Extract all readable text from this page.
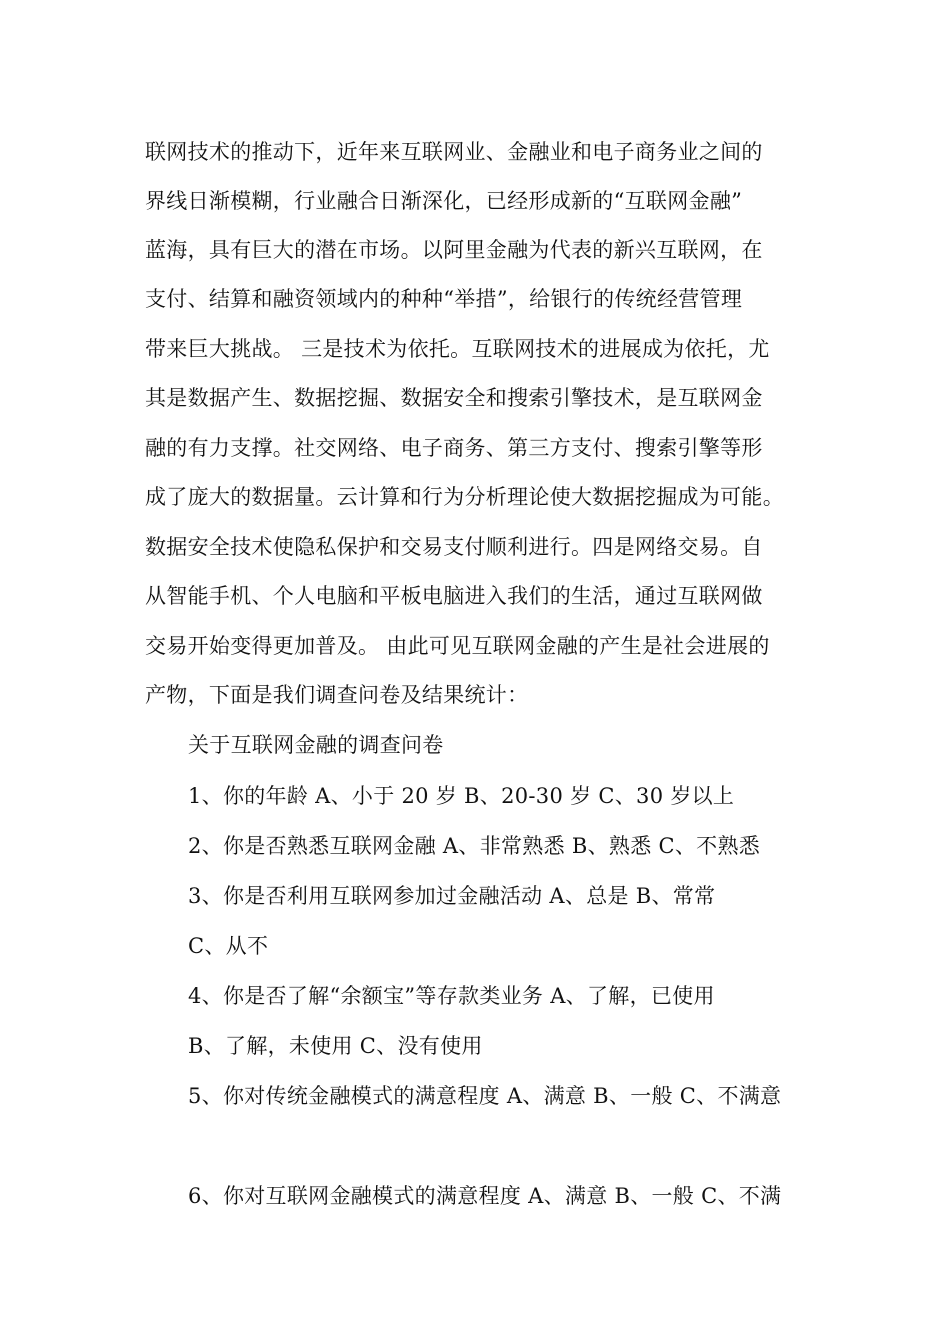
联网技术的推动下，近年来互联网业、金融业和电子商务业之间的
界线日渐模糊，行业融合日渐深化，已经形成新的“互联网金融”
蓝海，具有巨大的潜在市场。以阿里金融为代表的新兴互联网，在
支付、结算和融资领域内的种种“举措”，给银行的传统经营管理
带来巨大挑战。 三是技术为依托。互联网技术的进展成为依托，尤
其是数据产生、数据挖掘、数据安全和搜索引擎技术，是互联网金
融的有力支撑。社交网络、电子商务、第三方支付、搜索引擎等形
成了庞大的数据量。云计算和行为分析理论使大数据挖掘成为可能。
数据安全技术使隐私保护和交易支付顺利进行。四是网络交易。自
从智能手机、个人电脑和平板电脑进入我们的生活，通过互联网做
交易开始变得更加普及。 由此可见互联网金融的产生是社会进展的
产物，下面是我们调查问卷及结果统计：
关于互联网金融的调查问卷
1、你的年龄 A、小于 20 岁 B、20-30 岁 C、30 岁以上
2、你是否熟悉互联网金融 A、非常熟悉 B、熟悉 C、不熟悉
3、你是否利用互联网参加过金融活动 A、总是 B、常常
C、从不
4、你是否了解“余额宝”等存款类业务 A、了解，已使用
B、了解，未使用 C、没有使用
5、你对传统金融模式的满意程度 A、满意 B、一般 C、不满意
6、你对互联网金融模式的满意程度 A、满意 B、一般 C、不满
